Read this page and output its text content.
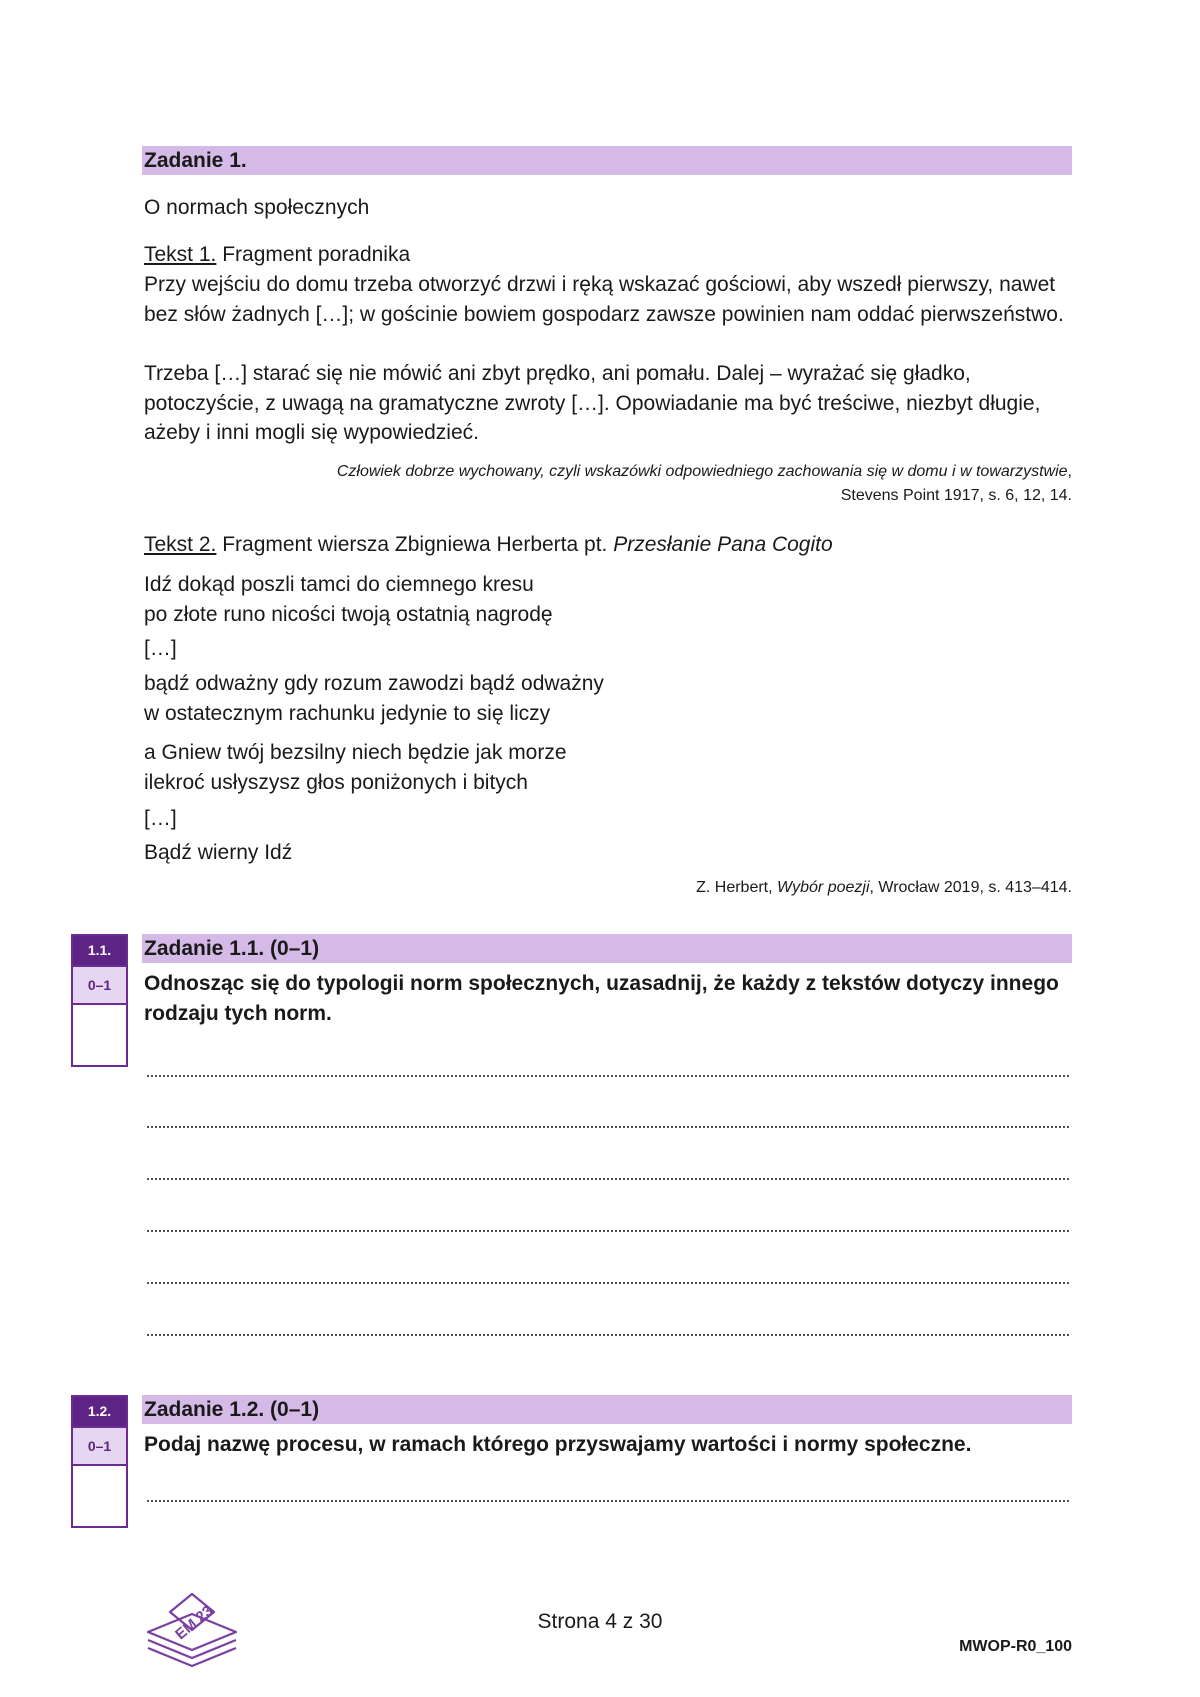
Zadanie 1.
O normach społecznych
Tekst 1. Fragment poradnika
Przy wejściu do domu trzeba otworzyć drzwi i ręką wskazać gościowi, aby wszedł pierwszy, nawet bez słów żadnych […]; w gościnie bowiem gospodarz zawsze powinien nam oddać pierwszeństwo.
Trzeba […] starać się nie mówić ani zbyt prędko, ani pomału. Dalej – wyrażać się gładko, potoczyście, z uwagą na gramatyczne zwroty […]. Opowiadanie ma być treściwe, niezbyt długie, ażeby i inni mogli się wypowiedzieć.
Człowiek dobrze wychowany, czyli wskazówki odpowiedniego zachowania się w domu i w towarzystwie,
Stevens Point 1917, s. 6, 12, 14.
Tekst 2. Fragment wiersza Zbigniewa Herberta pt. Przesłanie Pana Cogito
Idź dokąd poszli tamci do ciemnego kresu
po złote runo nicości twoją ostatnią nagrodę
[…]
bądź odważny gdy rozum zawodzi bądź odważny
w ostatecznym rachunku jedynie to się liczy
a Gniew twój bezsilny niech będzie jak morze
ilekroć usłyszysz głos poniżonych i bitych
[…]
Bądź wierny Idź
Z. Herbert, Wybór poezji, Wrocław 2019, s. 413–414.
1.1.
0–1
Zadanie 1.1. (0–1)
Odnosząc się do typologii norm społecznych, uzasadnij, że każdy z tekstów dotyczy innego rodzaju tych norm.
1.2.
0–1
Zadanie 1.2. (0–1)
Podaj nazwę procesu, w ramach którego przyswajamy wartości i normy społeczne.
EM 23	Strona 4 z 30
MWOP-R0_100
